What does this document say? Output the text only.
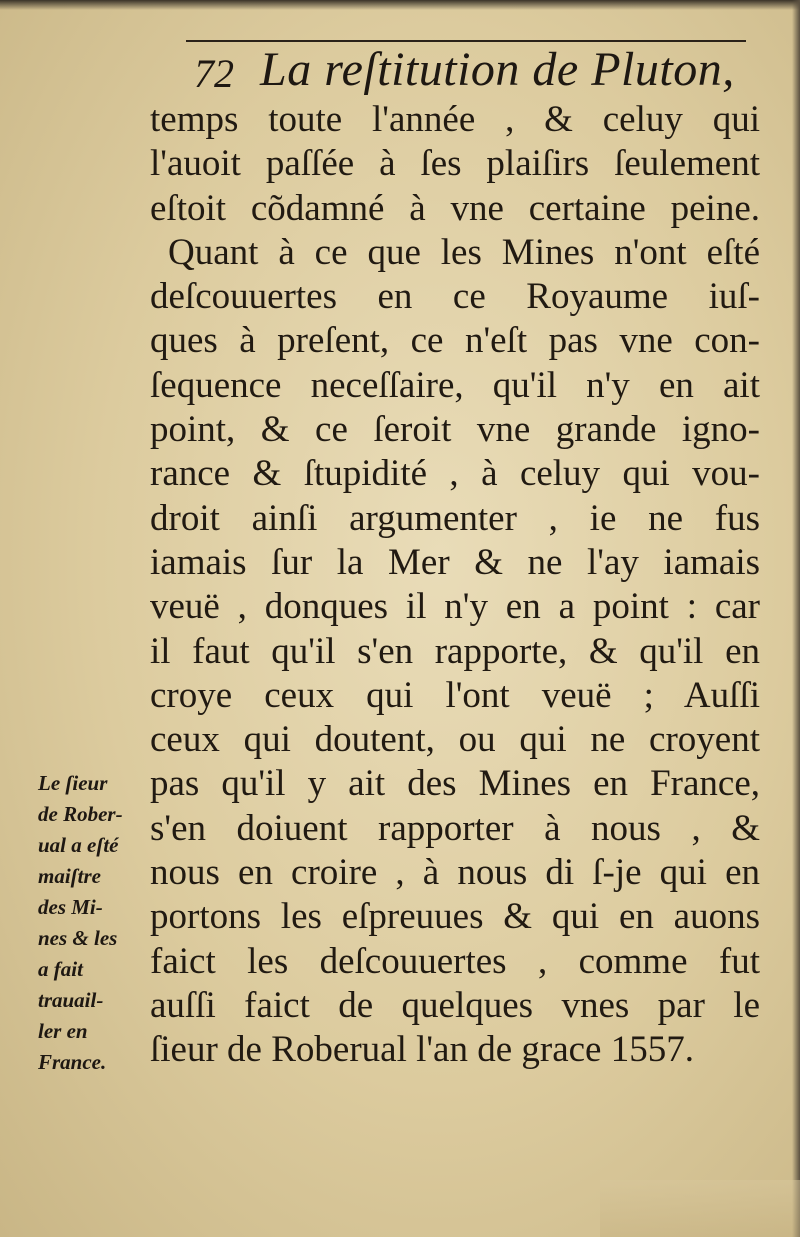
72 La reſtitution de Pluton,
temps toute l'année , & celuy qui
l'auoit paſſée à ſes plaiſirs ſeulement
eſtoit cõdamné à vne certaine peine.
Quant à ce que les Mines n'ont eſté
deſcouuertes en ce Royaume iuſ-
ques à preſent, ce n'eſt pas vne con-
ſequence neceſſaire, qu'il n'y en ait
point, & ce ſeroit vne grande igno-
rance & ſtupidité , à celuy qui vou-
droit ainſi argumenter , ie ne fus
iamais ſur la Mer & ne l'ay iamais
veuë , donques il n'y en a point : car
il faut qu'il s'en rapporte, & qu'il en
croye ceux qui l'ont veuë ; Auſſi
ceux qui doutent, ou qui ne croyent
pas qu'il y ait des Mines en France,
s'en doiuent rapporter à nous , &
nous en croire , à nous di ſ-je qui en
portons les eſpreuues & qui en auons
faict les deſcouuertes , comme fut
auſſi faict de quelques vnes par le
ſieur de Roberual l'an de grace 1557.
Le ſieur
de Rober-
ual a eſté
maiſtre
des Mi-
nes & les
a fait
trauail-
ler en
France.
